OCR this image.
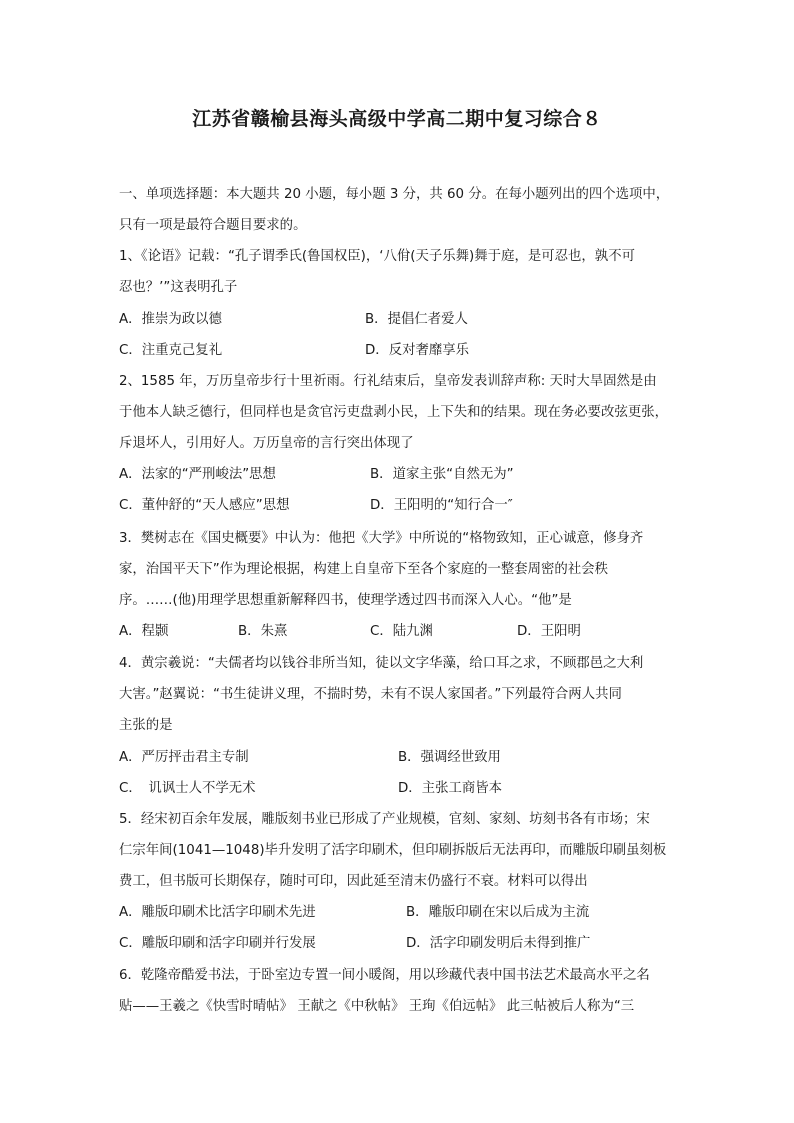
江苏省赣榆县海头高级中学高二期中复习综合８
一、单项选择题：本大题共 20 小题，每小题 3 分，共 60 分。在每小题列出的四个选项中，
只有一项是最符合题目要求的。
1、《论语》记载：“孔子谓季氏(鲁国权臣)，‘八佾(天子乐舞)舞于庭，是可忍也，孰不可
忍也？’”这表明孔子
A．推崇为政以德	B．提倡仁者爱人
C．注重克己复礼	D．反对奢靡享乐
2、1585 年，万历皇帝步行十里祈雨。行礼结束后，皇帝发表训辞声称: 天时大旱固然是由
于他本人缺乏德行，但同样也是贪官污吏盘剥小民，上下失和的结果。现在务必要改弦更张，
斥退坏人，引用好人。万历皇帝的言行突出体现了
A．法家的“严刑峻法”思想	B．道家主张“自然无为”
C．董仲舒的“天人感应”思想	D．王阳明的“知行合一″
3．樊树志在《国史概要》中认为：他把《大学》中所说的“格物致知，正心诚意，修身齐
家，治国平天下”作为理论根据，构建上自皇帝下至各个家庭的一整套周密的社会秩
序。……(他)用理学思想重新解释四书，使理学透过四书而深入人心。“他”是
A．程颢	B．朱熹	C．陆九渊	D．王阳明
4．黄宗羲说：“夫儒者均以钱谷非所当知，徒以文字华藻，给口耳之求，不顾郡邑之大利
大害。”赵翼说：“书生徒讲义理，不揣时势，未有不误人家国者。”下列最符合两人共同
主张的是
A．严厉抨击君主专制	B．强调经世致用
C．　讥讽士人不学无术	D．主张工商皆本
5．经宋初百余年发展，雕版刻书业已形成了产业规模，官刻、家刻、坊刻书各有市场；宋
仁宗年间(1041—1048)毕升发明了活字印刷术，但印刷拆版后无法再印，而雕版印刷虽刻板
费工，但书版可长期保存，随时可印，因此延至清末仍盛行不衰。材料可以得出
A．雕版印刷术比活字印刷术先进	B．雕版印刷在宋以后成为主流
C．雕版印刷和活字印刷并行发展	D．活字印刷发明后未得到推广
6．乾隆帝酷爱书法，于卧室边专置一间小暖阁，用以珍藏代表中国书法艺术最高水平之名
贴——王羲之《快雪时晴帖》 王献之《中秋帖》 王珣《伯远帖》 此三帖被后人称为“三
